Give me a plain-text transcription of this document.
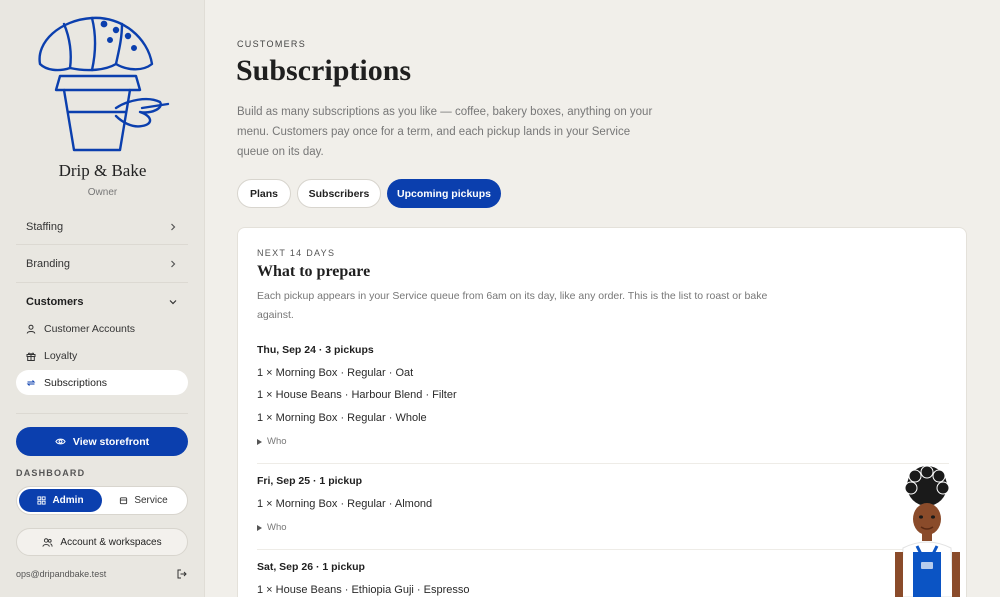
Drip & Bake
Owner
Staffing
Branding
Customers
Customer Accounts
Loyalty
Subscriptions
View storefront
DASHBOARD
Admin	Service
Account & workspaces
ops@dripandbake.test
CUSTOMERS
Subscriptions

Build as many subscriptions as you like — coffee, bakery boxes, anything on your menu. Customers pay once for a term, and each pickup lands in your Service queue on its day.

Plans	Subscribers	Upcoming pickups
NEXT 14 DAYS
What to prepare

Each pickup appears in your Service queue from 6am on its day, like any order. This is the list to roast or bake against.

Thu, Sep 24 · 3 pickups
1 × Morning Box · Regular · Oat
1 × House Beans · Harbour Blend · Filter
1 × Morning Box · Regular · Whole
Who
Fri, Sep 25 · 1 pickup
1 × Morning Box · Regular · Almond
Who
Sat, Sep 26 · 1 pickup
1 × House Beans · Ethiopia Guji · Espresso
